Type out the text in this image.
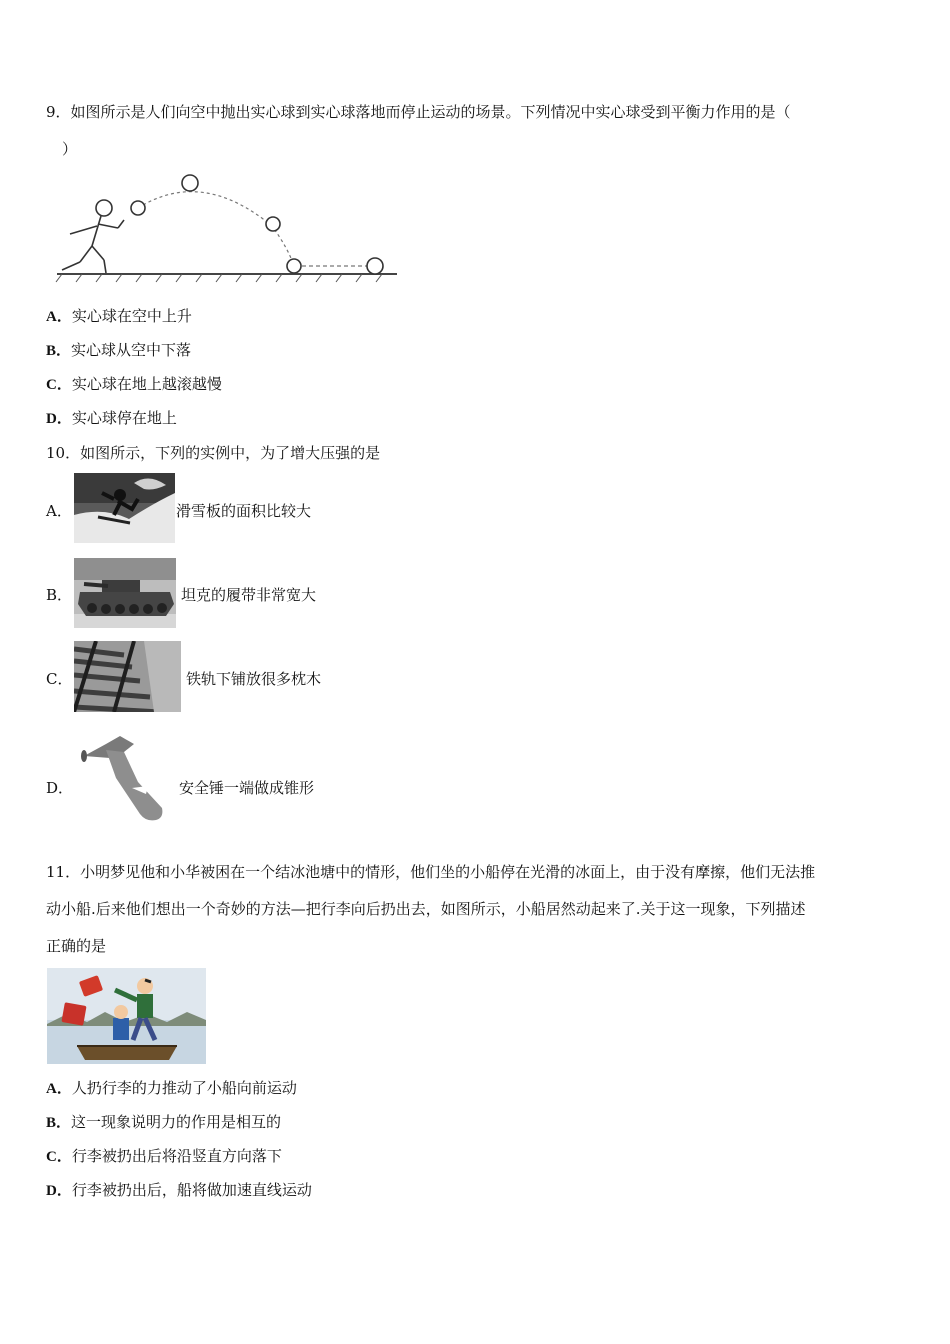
9．如图所示是人们向空中抛出实心球到实心球落地而停止运动的场景。下列情况中实心球受到平衡力作用的是（
）
A．实心球在空中上升
B．实心球从空中下落
C．实心球在地上越滚越慢
D．实心球停在地上
10．如图所示，下列的实例中，为了增大压强的是
A．	滑雪板的面积比较大
B．	坦克的履带非常宽大
C．	铁轨下铺放很多枕木
D．	安全锤一端做成锥形
11．小明梦见他和小华被困在一个结冰池塘中的情形，他们坐的小船停在光滑的冰面上，由于没有摩擦，他们无法推
动小船.后来他们想出一个奇妙的方法—把行李向后扔出去，如图所示，小船居然动起来了.关于这一现象，下列描述
正确的是
A．人扔行李的力推动了小船向前运动
B．这一现象说明力的作用是相互的
C．行李被扔出后将沿竖直方向落下
D．行李被扔出后，船将做加速直线运动
